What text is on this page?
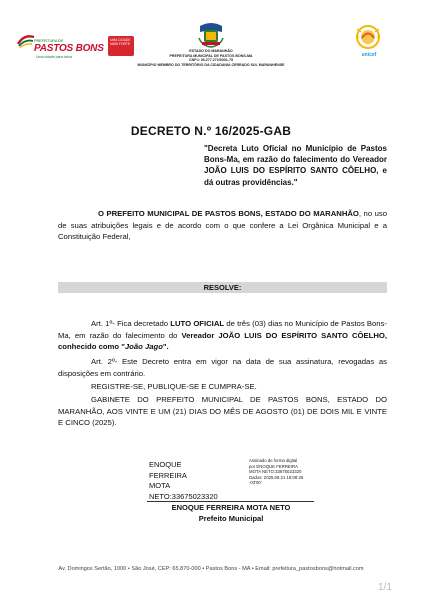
PREFEITURA DE
PASTOS BONS
Uma cidade para todos
UMA CIDADE MAIS FORTE
ESTADO DO MARANHÃO
PREFEITURA MUNICIPAL DE PASTOS BONS-MA
CNPJ: 06.277.272/0001-75
MUNICÍPIO MEMBRO DO TERRITÓRIO DA CIDADANIA CERRADO SUL MARANHENSE
unicef
DECRETO N.º 16/2025-GAB
"Decreta Luto Oficial no Município de Pastos Bons-Ma, em razão do falecimento do Vereador JOÃO LUIS DO ESPÍRITO SANTO CÔELHO, e dá outras providências."
O PREFEITO MUNICIPAL DE PASTOS BONS, ESTADO DO MARANHÃO, no uso de suas atribuições legais e de acordo com o que confere a Lei Orgânica Municipal e a Constituição Federal,
RESOLVE:
Art. 1º- Fica decretado LUTO OFICIAL de três (03) dias no Município de Pastos Bons-Ma, em razão do falecimento do Vereador JOÃO LUIS DO ESPÍRITO SANTO CÔELHO, conhecido como "João Jago".
Art. 2º- Este Decreto entra em vigor na data de sua assinatura, revogadas as disposições em contrário.
REGISTRE-SE, PUBLIQUE-SE E CUMPRA-SE.
GABINETE DO PREFEITO MUNICIPAL DE PASTOS BONS, ESTADO DO MARANHÃO, AOS VINTE E UM (21) DIAS DO MÊS DE AGOSTO (01) DE DOIS MIL E VINTE E CINCO (2025).
ENOQUE FERREIRA
MOTA
NETO:33675023320
Assinado de forma digital
por ENOQUE FERREIRA
MOTA NETO:33675023320
Dados: 2025.08.21 18:08:25
-03'00'
ENOQUE FERREIRA MOTA NETO
Prefeito Municipal
Av. Domingos Sertão, 1000 • São José, CEP: 65.870-000 • Pastos Bons - MA • Email: prefeitura_pastosbons@hotmail.com
1/1
